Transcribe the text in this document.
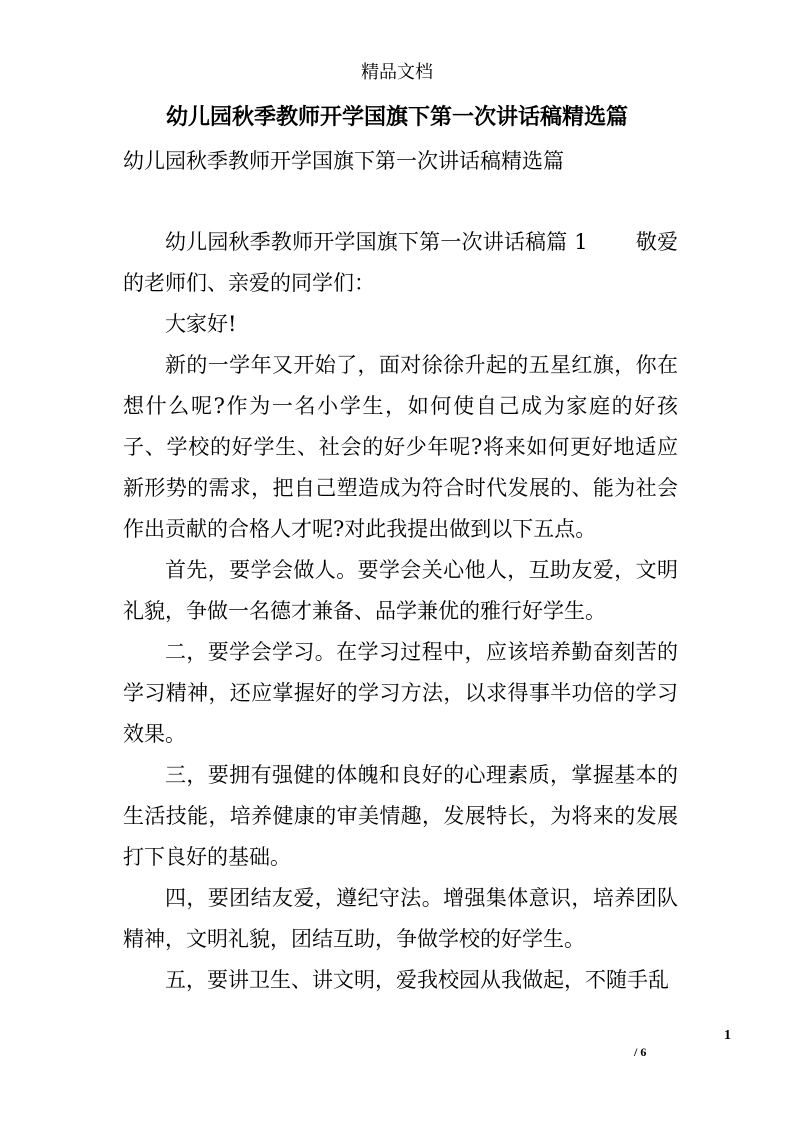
精品文档
幼儿园秋季教师开学国旗下第一次讲话稿精选篇
幼儿园秋季教师开学国旗下第一次讲话稿精选篇

幼儿园秋季教师开学国旗下第一次讲话稿篇 1 敬爱的老师们、亲爱的同学们：

大家好!

新的一学年又开始了，面对徐徐升起的五星红旗，你在想什么呢?作为一名小学生，如何使自己成为家庭的好孩子、学校的好学生、社会的好少年呢?将来如何更好地适应新形势的需求，把自己塑造成为符合时代发展的、能为社会作出贡献的合格人才呢?对此我提出做到以下五点。

首先，要学会做人。要学会关心他人，互助友爱，文明礼貌，争做一名德才兼备、品学兼优的雅行好学生。

二，要学会学习。在学习过程中，应该培养勤奋刻苦的学习精神，还应掌握好的学习方法，以求得事半功倍的学习效果。

三，要拥有强健的体魄和良好的心理素质，掌握基本的生活技能，培养健康的审美情趣，发展特长，为将来的发展打下良好的基础。

四，要团结友爱，遵纪守法。增强集体意识，培养团队精神，文明礼貌，团结互助，争做学校的好学生。

五，要讲卫生、讲文明，爱我校园从我做起，不随手乱

1
/ 6
